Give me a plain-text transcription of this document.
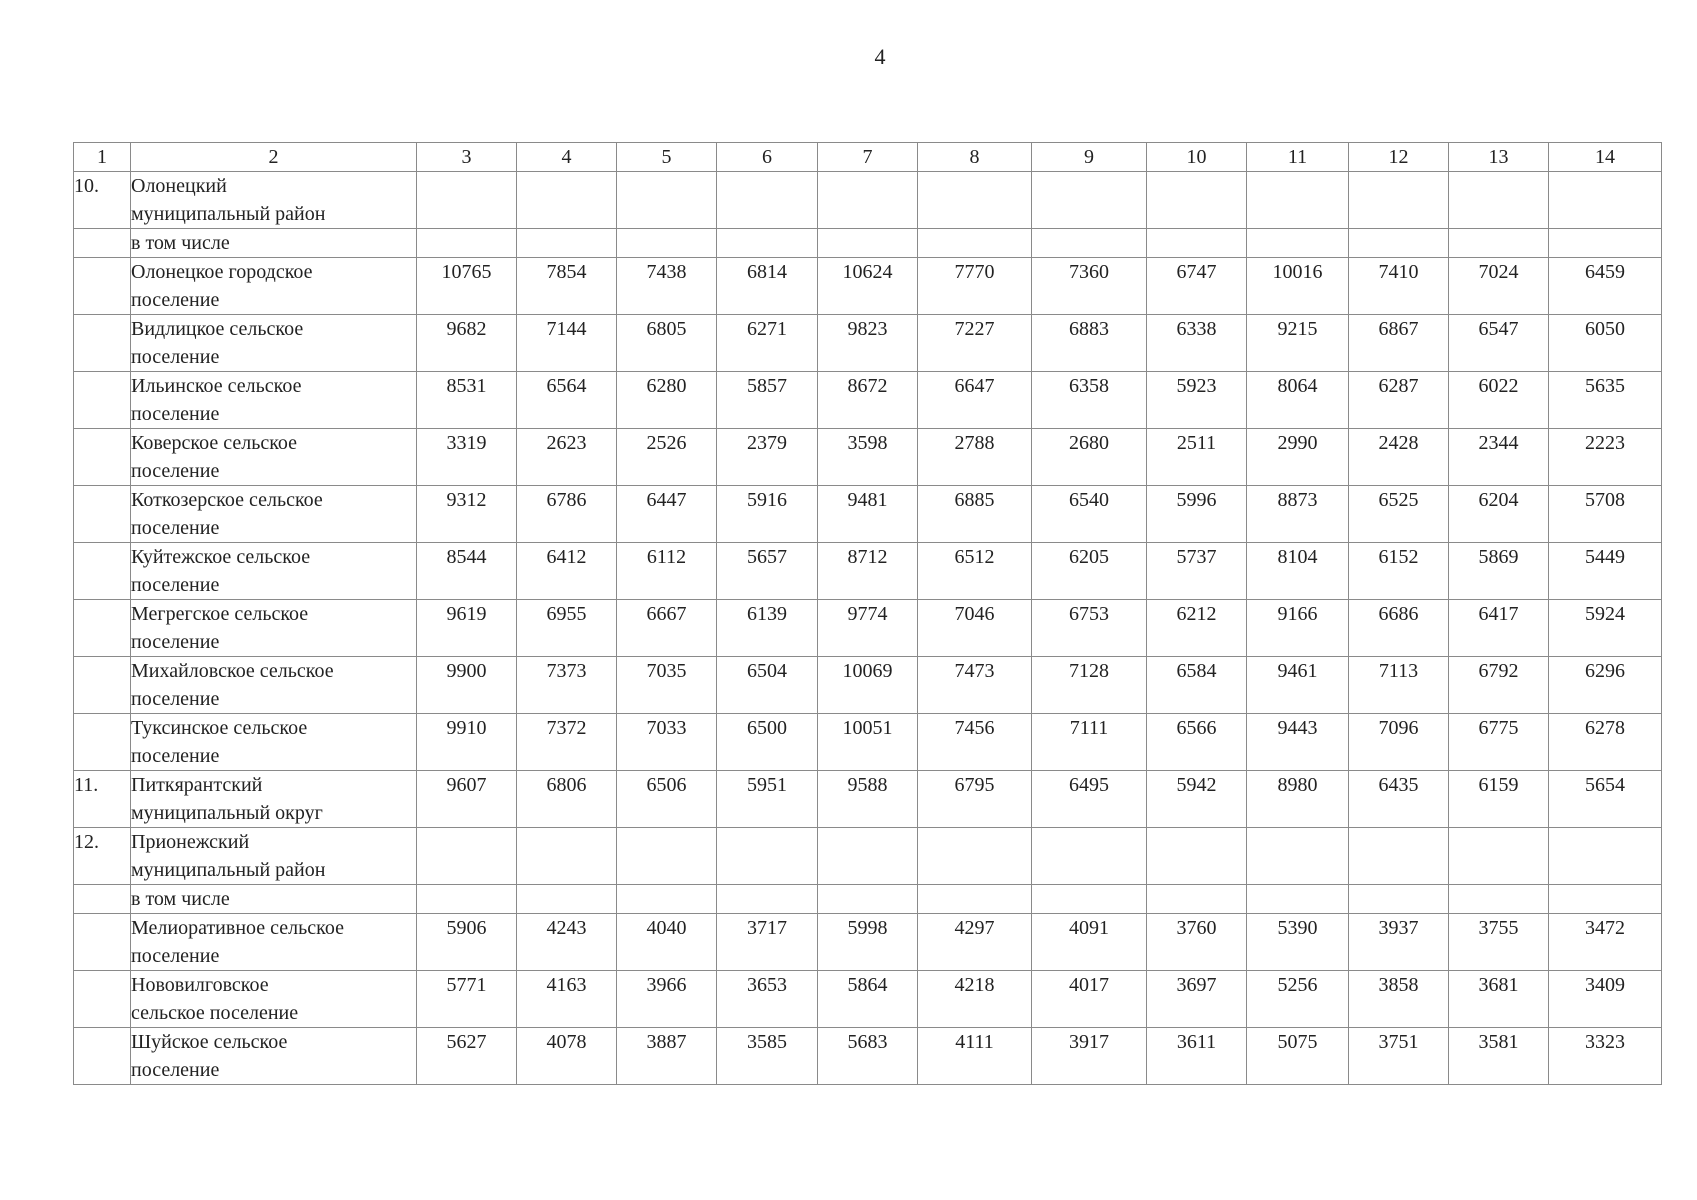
4
1	2	3	4	5	6	7	8	9	10	11	12	13	14
10.	Олонецкий
муниципальный район												

	в том числе												

	Олонецкое городское
поселение	10765	7854	7438	6814	10624	7770	7360	6747	10016	7410	7024	6459

	Видлицкое сельское
поселение	9682	7144	6805	6271	9823	7227	6883	6338	9215	6867	6547	6050

	Ильинское сельское
поселение	8531	6564	6280	5857	8672	6647	6358	5923	8064	6287	6022	5635

	Коверское сельское
поселение	3319	2623	2526	2379	3598	2788	2680	2511	2990	2428	2344	2223

	Коткозерское сельское
поселение	9312	6786	6447	5916	9481	6885	6540	5996	8873	6525	6204	5708

	Куйтежское сельское
поселение	8544	6412	6112	5657	8712	6512	6205	5737	8104	6152	5869	5449

	Мегрегское сельское
поселение	9619	6955	6667	6139	9774	7046	6753	6212	9166	6686	6417	5924

	Михайловское сельское
поселение	9900	7373	7035	6504	10069	7473	7128	6584	9461	7113	6792	6296

	Туксинское сельское
поселение	9910	7372	7033	6500	10051	7456	7111	6566	9443	7096	6775	6278
11.	Питкярантский
муниципальный округ	9607	6806	6506	5951	9588	6795	6495	5942	8980	6435	6159	5654
12.	Прионежский
муниципальный район												

	в том числе												

	Мелиоративное сельское
поселение	5906	4243	4040	3717	5998	4297	4091	3760	5390	3937	3755	3472

	Нововилговское
сельское поселение	5771	4163	3966	3653	5864	4218	4017	3697	5256	3858	3681	3409

	Шуйское сельское
поселение	5627	4078	3887	3585	5683	4111	3917	3611	5075	3751	3581	3323
